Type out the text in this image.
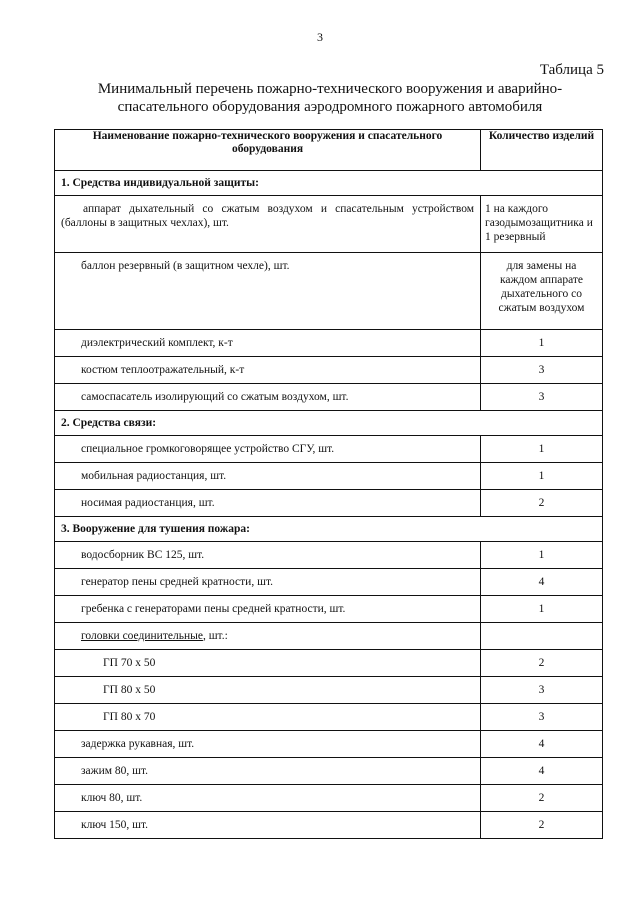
3
Таблица 5
Минимальный перечень пожарно-технического вооружения и аварийно-
спасательного оборудования аэродромного пожарного автомобиля
Наименование пожарно-технического вооружения и спасательного оборудования	Количество изделий
1. Средства индивидуальной защиты:	
аппарат дыхательный со сжатым воздухом и спасательным устройством (баллоны в защитных чехлах), шт.	1 на каждого газодымозащитника и 1 резервный
баллон резервный (в защитном чехле), шт.	для замены на каждом аппарате дыхательного со сжатым воздухом
диэлектрический комплект, к-т	1
костюм теплоотражательный, к-т	3
самоспасатель изолирующий со сжатым воздухом, шт.	3
2. Средства связи:	
специальное громкоговорящее устройство СГУ, шт.	1
мобильная радиостанция, шт.	1
носимая радиостанция, шт.	2
3. Вооружение для тушения пожара:	
водосборник ВС 125, шт.	1
генератор пены средней кратности, шт.	4
гребенка с генераторами пены средней кратности, шт.	1
головки соединительные, шт.:	
ГП 70 х 50	2
ГП 80 х 50	3
ГП 80 х 70	3
задержка рукавная, шт.	4
зажим 80, шт.	4
ключ 80, шт.	2
ключ 150, шт.	2
